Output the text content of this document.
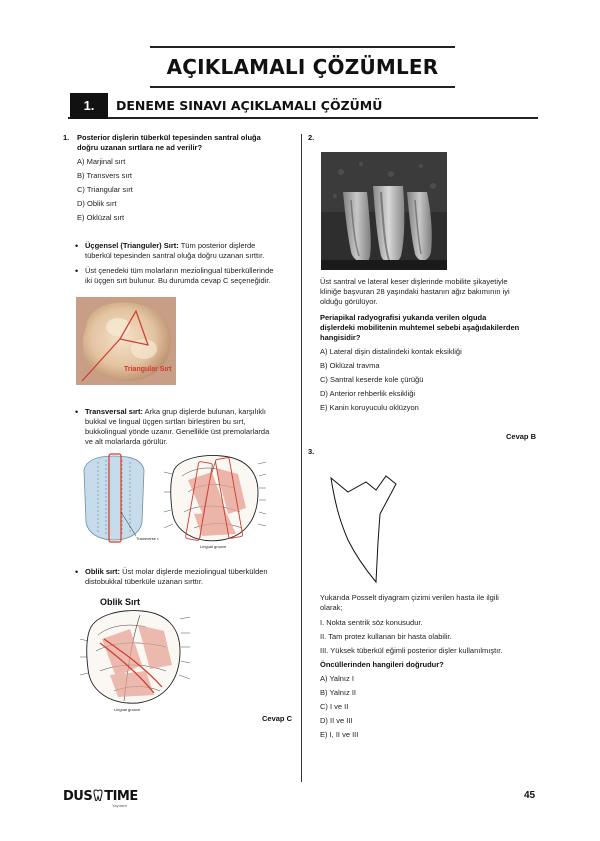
AÇIKLAMALI ÇÖZÜMLER
1.	DENEME SINAVI AÇIKLAMALI ÇÖZÜMÜ
1. Posterior dişlerin tüberkül tepesinden santral oluğa
doğru uzanan sırtlara ne ad verilir?
A) Marjinal sırt
B) Transvers sırt
C) Triangular sırt
D) Oblik sırt
E) Oklüzal sırt
• Üçgensel (Trianguler) Sırt: Tüm posterior dişlerde
tüberkül tepesinden santral oluğa doğru uzanan sırttır.
• Üst çenedeki tüm molarların meziolingual tüberküllerinde
iki üçgen sırt bulunur. Bu durumda cevap C seçeneğidir.
Triangular Sırt
• Transversal sırt: Arka grup dişlerde bulunan, karşılıklı
bukkal ve lingual üçgen sırtları birleştiren bu sırt,
bukkolingual yönde uzanır. Genellikle üst premolarlarda
ve alt molarlarda görülür.
Transverse r.
Lingual groove
• Oblik sırt: Üst molar dişlerde meziolingual tüberkülden
distobukkal tüberküle uzanan sırttır.
Oblik Sırt
Lingual groove
Cevap C
2.
Üst santral ve lateral keser dişlerinde mobilite şikayetiyle
kliniğe başvuran 28 yaşındaki hastanın ağız bakımının iyi
olduğu görülüyor.
Periapikal radyografisi yukarıda verilen olguda
dişlerdeki mobilitenin muhtemel sebebi aşağıdakilerden
hangisidir?
A) Lateral dişin distalindeki kontak eksikliği
B) Oklüzal travma
C) Santral keserde kole çürüğü
D) Anterior rehberlik eksikliği
E) Kanin koruyuculu oklüzyon
Cevap B
3.
Yukarıda Posselt diyagram çizimi verilen hasta ile ilgili
olarak;
I. Nokta sentrik söz konusudur.
II. Tam protez kullanan bir hasta olabilir.
III. Yüksek tüberkül eğimli posterior dişler kullanılmıştır.
Öncüllerinden hangileri doğrudur?
A) Yalnız I
B) Yalnız II
C) I ve II
D) II ve III
E) I, II ve III
DUS TIME
Yayınevi
45
